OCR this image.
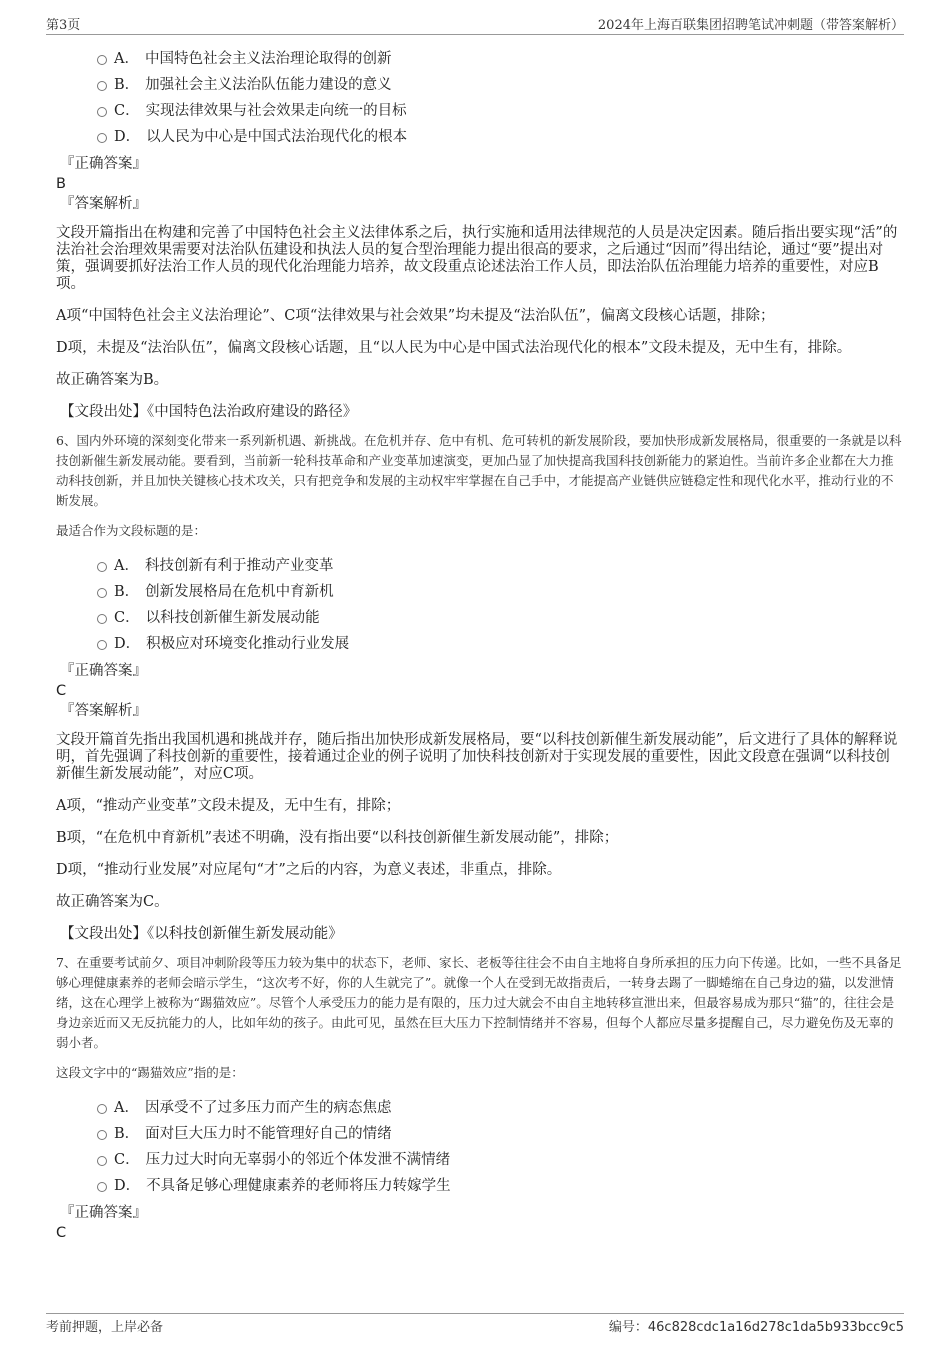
第3页	2024年上海百联集团招聘笔试冲刺题（带答案解析）
A． 中国特色社会主义法治理论取得的创新
B． 加强社会主义法治队伍能力建设的意义
C． 实现法律效果与社会效果走向统一的目标
D． 以人民为中心是中国式法治现代化的根本
『正确答案』
B
『答案解析』

文段开篇指出在构建和完善了中国特色社会主义法律体系之后，执行实施和适用法律规范的人员是决定因素。随后指出要实现“活”的法治社会治理效果需要对法治队伍建设和执法人员的复合型治理能力提出很高的要求，之后通过“因而”得出结论，通过“要”提出对策，强调要抓好法治工作人员的现代化治理能力培养，故文段重点论述法治工作人员，即法治队伍治理能力培养的重要性，对应B项。

A项“中国特色社会主义法治理论”、C项“法律效果与社会效果”均未提及“法治队伍”，偏离文段核心话题，排除；

D项，未提及“法治队伍”，偏离文段核心话题，且“以人民为中心是中国式法治现代化的根本”文段未提及，无中生有，排除。

故正确答案为B。

【文段出处】《中国特色法治政府建设的路径》

6、国内外环境的深刻变化带来一系列新机遇、新挑战。在危机并存、危中有机、危可转机的新发展阶段，要加快形成新发展格局，很重要的一条就是以科技创新催生新发展动能。要看到，当前新一轮科技革命和产业变革加速演变，更加凸显了加快提高我国科技创新能力的紧迫性。当前许多企业都在大力推动科技创新，并且加快关键核心技术攻关，只有把竞争和发展的主动权牢牢掌握在自己手中，才能提高产业链供应链稳定性和现代化水平，推动行业的不断发展。

最适合作为文段标题的是：

A． 科技创新有利于推动产业变革
B． 创新发展格局在危机中育新机
C． 以科技创新催生新发展动能
D． 积极应对环境变化推动行业发展
『正确答案』
C
『答案解析』

文段开篇首先指出我国机遇和挑战并存，随后指出加快形成新发展格局，要“以科技创新催生新发展动能”，后文进行了具体的解释说明，首先强调了科技创新的重要性，接着通过企业的例子说明了加快科技创新对于实现发展的重要性，因此文段意在强调“以科技创新催生新发展动能”，对应C项。

A项，“推动产业变革”文段未提及，无中生有，排除；

B项，“在危机中育新机”表述不明确，没有指出要“以科技创新催生新发展动能”，排除；

D项，“推动行业发展”对应尾句“才”之后的内容，为意义表述，非重点，排除。

故正确答案为C。

【文段出处】《以科技创新催生新发展动能》

7、在重要考试前夕、项目冲刺阶段等压力较为集中的状态下，老师、家长、老板等往往会不由自主地将自身所承担的压力向下传递。比如，一些不具备足够心理健康素养的老师会暗示学生，“这次考不好，你的人生就完了”。就像一个人在受到无故指责后，一转身去踢了一脚蜷缩在自己身边的猫，以发泄情绪，这在心理学上被称为“踢猫效应”。尽管个人承受压力的能力是有限的，压力过大就会不由自主地转移宣泄出来，但最容易成为那只“猫”的，往往会是身边亲近而又无反抗能力的人，比如年幼的孩子。由此可见，虽然在巨大压力下控制情绪并不容易，但每个人都应尽量多提醒自己，尽力避免伤及无辜的弱小者。

这段文字中的“踢猫效应”指的是：

A． 因承受不了过多压力而产生的病态焦虑
B． 面对巨大压力时不能管理好自己的情绪
C． 压力过大时向无辜弱小的邻近个体发泄不满情绪
D． 不具备足够心理健康素养的老师将压力转嫁学生
『正确答案』
C
考前押题，上岸必备	编号：46c828cdc1a16d278c1da5b933bcc9c5
